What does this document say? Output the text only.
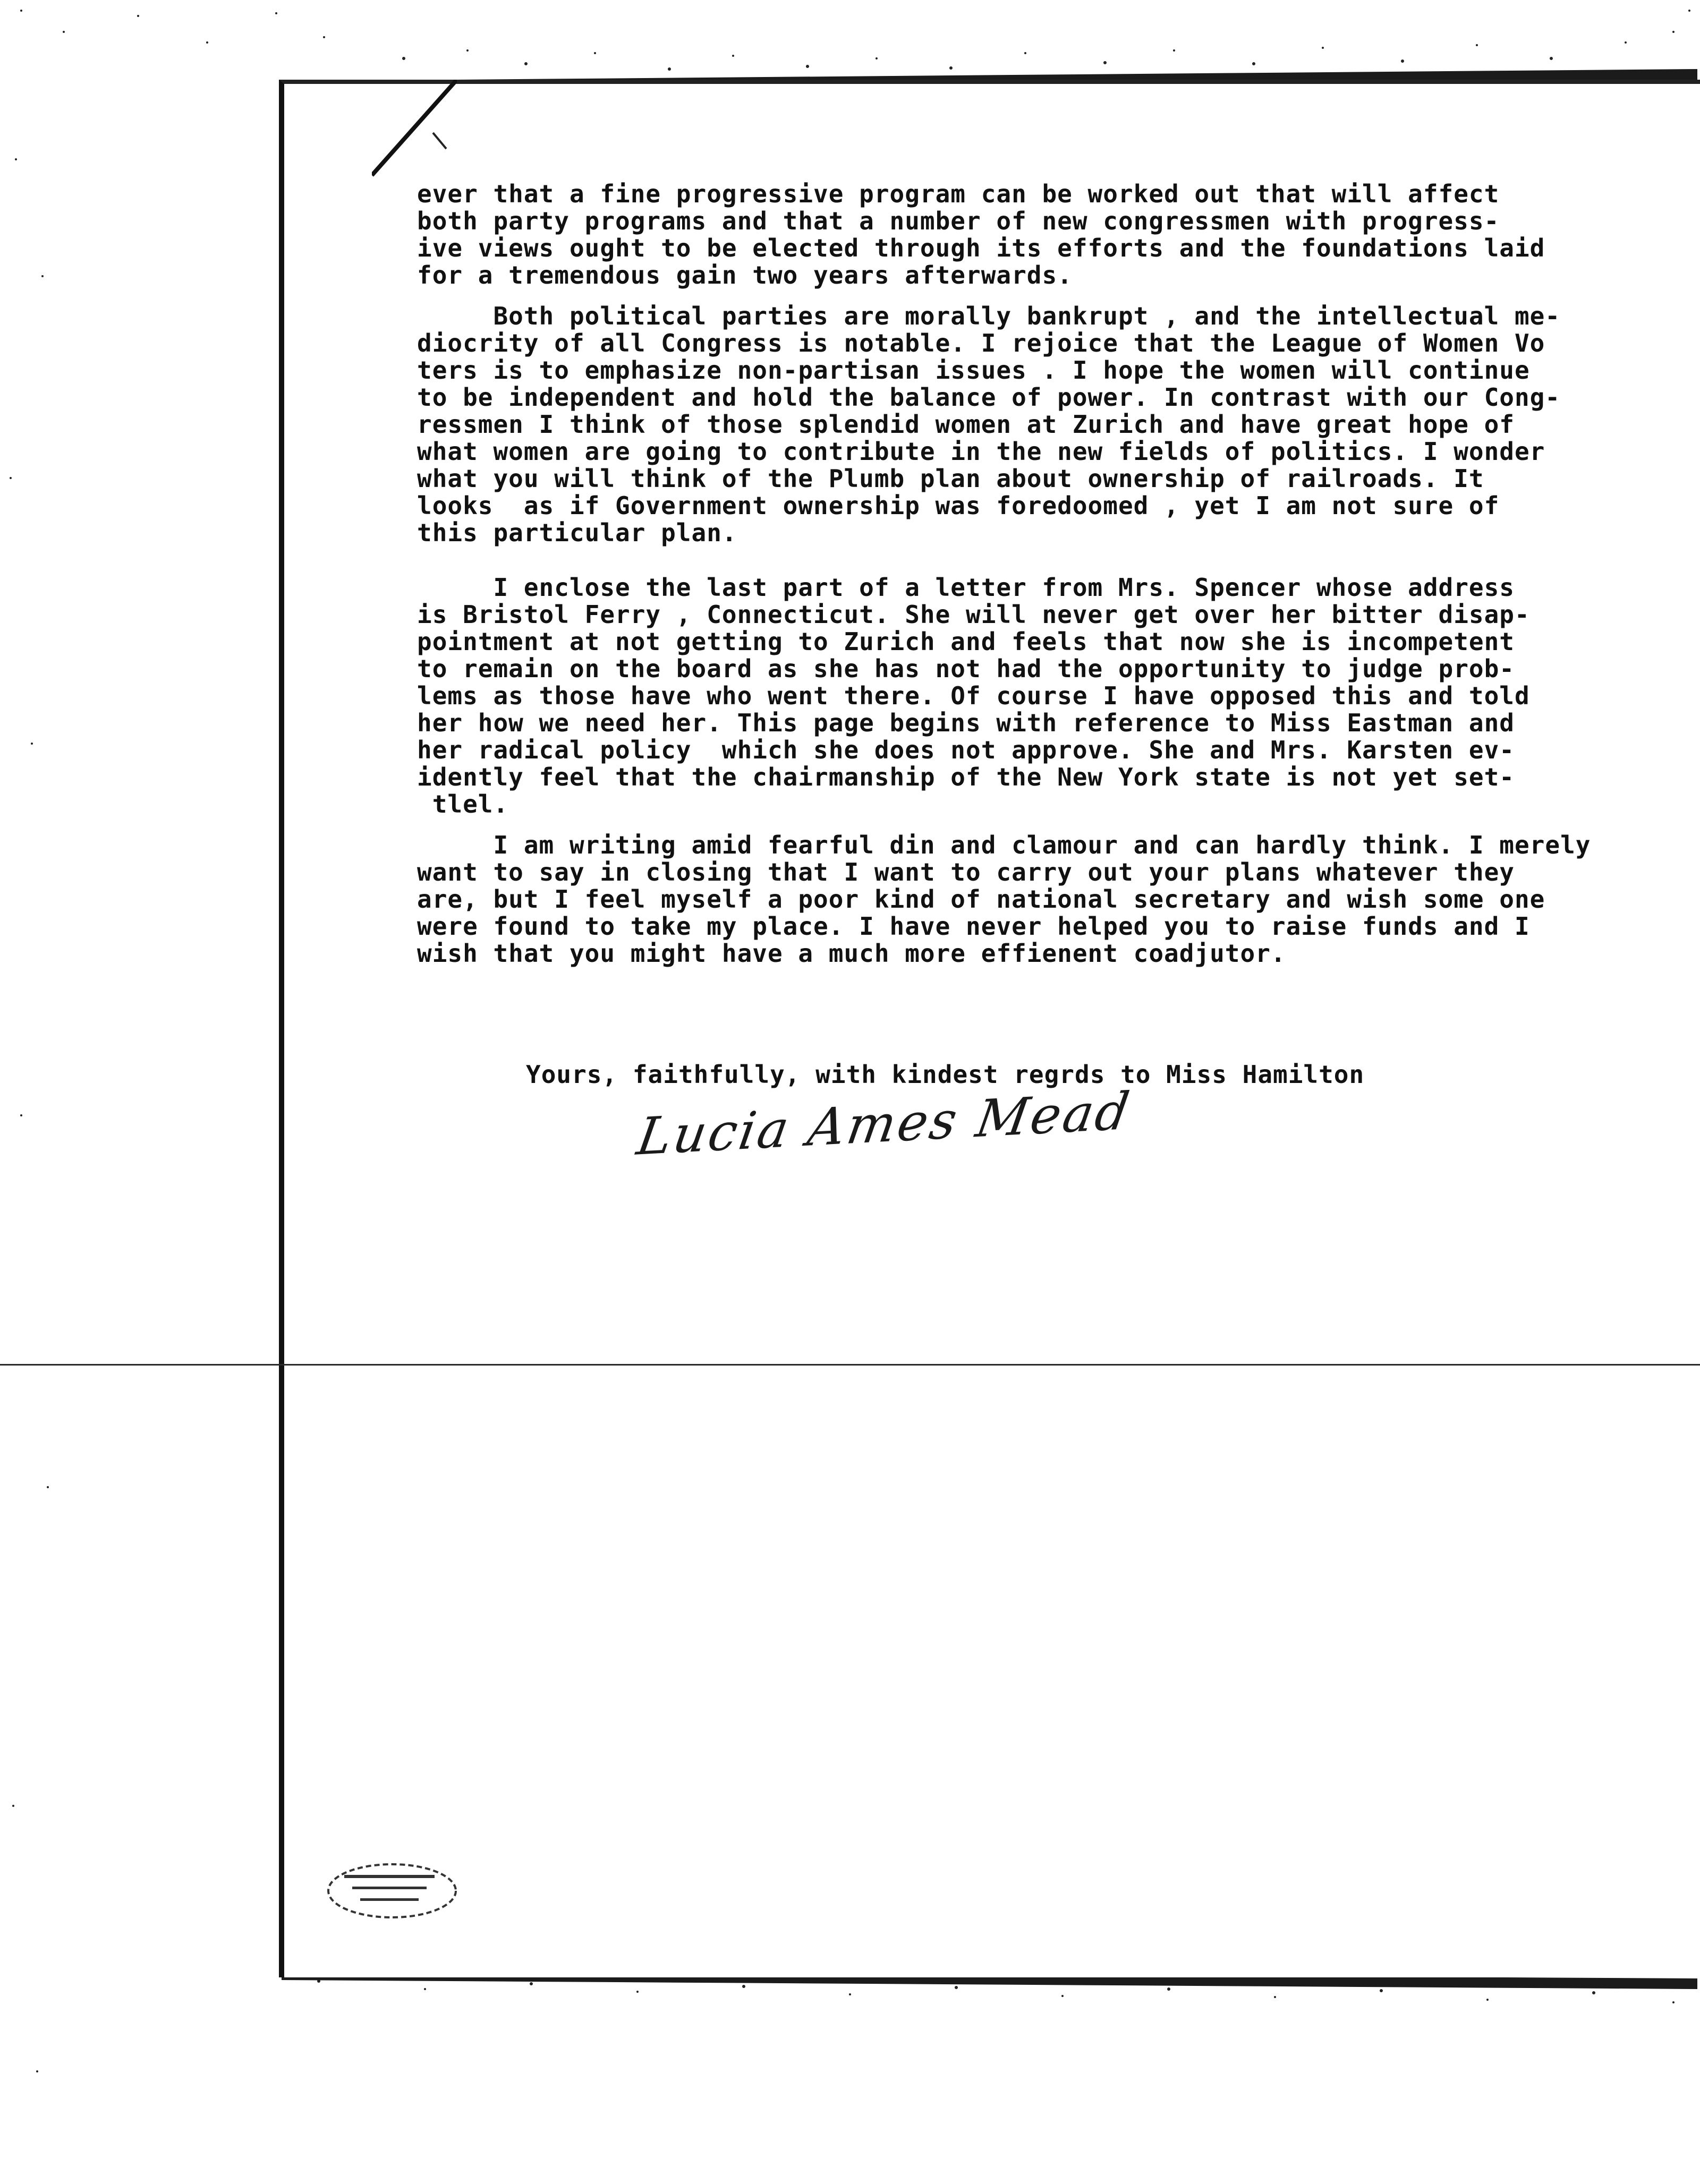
ever that a fine progressive program can be worked out that will affect
both party programs and that a number of new congressmen with progress-
ive views ought to be elected through its efforts and the foundations laid
for a tremendous gain two years afterwards.
Both political parties are morally bankrupt , and the intellectual me-
diocrity of all Congress is notable. I rejoice that the League of Women Vo
ters is to emphasize non-partisan issues . I hope the women will continue
to be independent and hold the balance of power. In contrast with our Cong-
ressmen I think of those splendid women at Zurich and have great hope of
what women are going to contribute in the new fields of politics. I wonder
what you will think of the Plumb plan about ownership of railroads. It
looks  as if Government ownership was foredoomed , yet I am not sure of
this particular plan.
I enclose the last part of a letter from Mrs. Spencer whose address
is Bristol Ferry , Connecticut. She will never get over her bitter disap-
pointment at not getting to Zurich and feels that now she is incompetent
to remain on the board as she has not had the opportunity to judge prob-
lems as those have who went there. Of course I have opposed this and told
her how we need her. This page begins with reference to Miss Eastman and
her radical policy  which she does not approve. She and Mrs. Karsten ev-
idently feel that the chairmanship of the New York state is not yet set-
tlel.
I am writing amid fearful din and clamour and can hardly think. I merely
want to say in closing that I want to carry out your plans whatever they
are, but I feel myself a poor kind of national secretary and wish some one
were found to take my place. I have never helped you to raise funds and I
wish that you might have a much more effienent coadjutor.
Yours, faithfully, with kindest regrds to Miss Hamilton
Lucia Ames Mead
